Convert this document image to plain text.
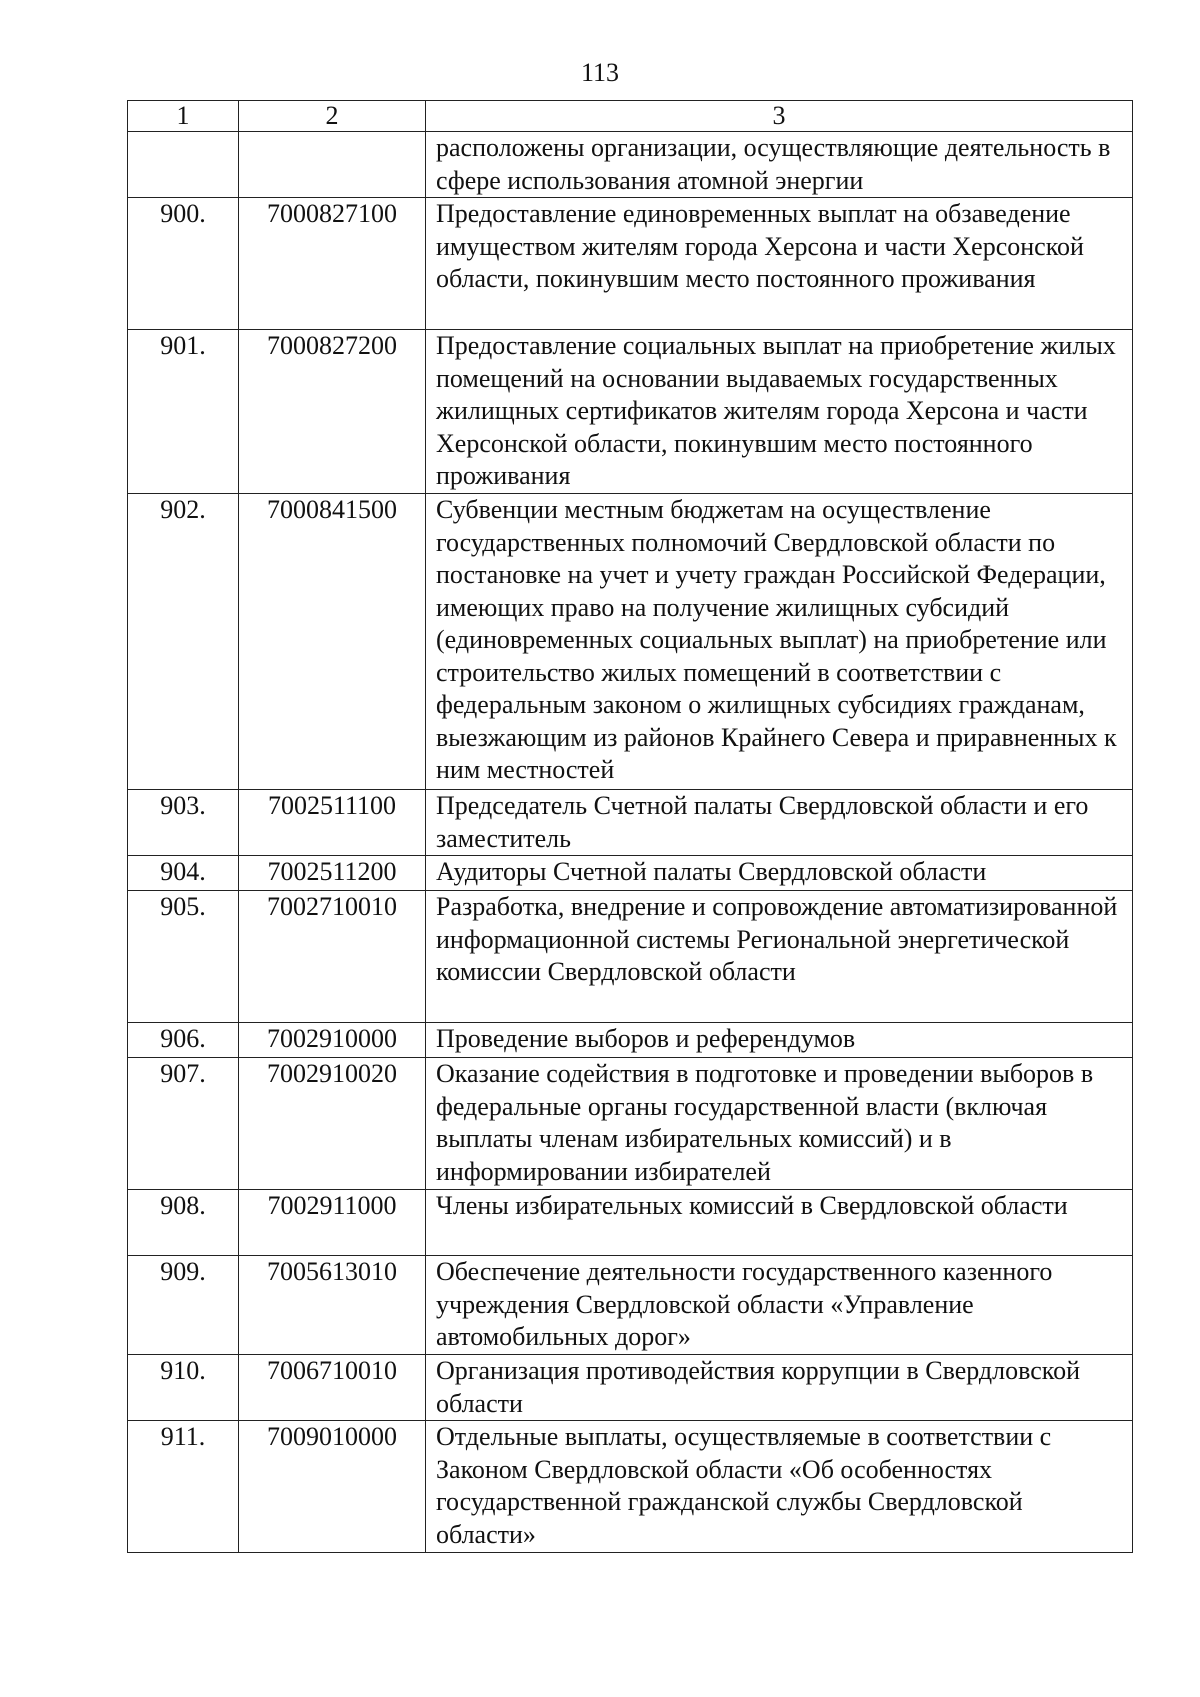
113
1	2	3
		расположены организации, осуществляющие деятельность в сфере использования атомной энергии
900.	7000827100	Предоставление единовременных выплат на обзаведение имуществом жителям города Херсона и части Херсонской области, покинувшим место постоянного проживания
901.	7000827200	Предоставление социальных выплат на приобретение жилых помещений на основании выдаваемых государственных жилищных сертификатов жителям города Херсона и части Херсонской области, покинувшим место постоянного проживания
902.	7000841500	Субвенции местным бюджетам на осуществление государственных полномочий Свердловской области по постановке на учет и учету граждан Российской Федерации, имеющих право на получение жилищных субсидий (единовременных социальных выплат) на приобретение или строительство жилых помещений в соответствии с федеральным законом о жилищных субсидиях гражданам, выезжающим из районов Крайнего Севера и приравненных к ним местностей
903.	7002511100	Председатель Счетной палаты Свердловской области и его заместитель
904.	7002511200	Аудиторы Счетной палаты Свердловской области
905.	7002710010	Разработка, внедрение и сопровождение автоматизированной информационной системы Региональной энергетической комиссии Свердловской области
906.	7002910000	Проведение выборов и референдумов
907.	7002910020	Оказание содействия в подготовке и проведении выборов в федеральные органы государственной власти (включая выплаты членам избирательных комиссий) и в информировании избирателей
908.	7002911000	Члены избирательных комиссий в Свердловской области
909.	7005613010	Обеспечение деятельности государственного казенного учреждения Свердловской области «Управление автомобильных дорог»
910.	7006710010	Организация противодействия коррупции в Свердловской области
911.	7009010000	Отдельные выплаты, осуществляемые в соответствии с Законом Свердловской области «Об особенностях государственной гражданской службы Свердловской области»
